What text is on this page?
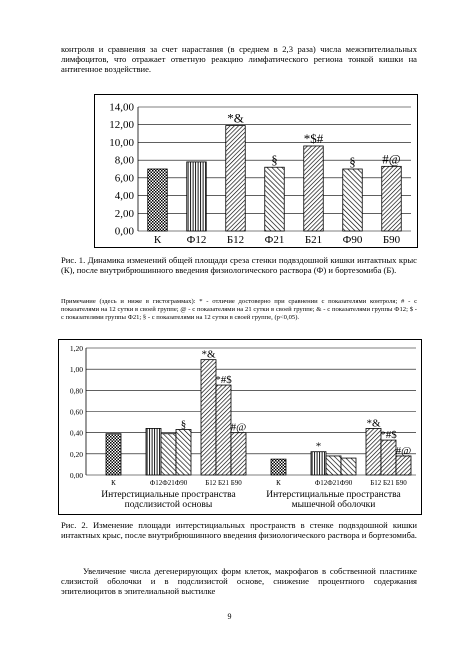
контроля и сравнения за счет нарастания (в среднем в 2,3 раза) числа межэпителиальных лимфоцитов, что отражает ответную реакцию лимфатического региона тонкой кишки на антигенное воздействие.

0,00
2,00
4,00
6,00
8,00
10,00
12,00
14,00
К Ф12 Б12
*&
Ф21
§
Б21
*$#
Ф90
§
Б90
#@

Рис. 1. Динамика изменений общей площади среза стенки подвздошной кишки интактных крыс (К), после внутрибрюшинного введения физиологического раствора (Ф) и бортезомиба (Б).

Примечание (здесь и ниже в гистограммах): * - отличие достоверно при сравнении с показателями контроля; # - с показателями на 12 сутки в своей группе; @ - с показателями на 21 сутки в своей группе; & - с показателями группы Ф12; $ - с показателями группы Ф21; § - с показателями на 12 сутки в своей группе, (р<0,05).

0,00
0,20
0,40
0,60
0,80
1,00
1,20
К
§
Ф12Ф21Ф90
*&
*#$
#@
Б12 Б21 Б90	К
*
Ф12Ф21Ф90
*&
*#$
#@
Б12 Б21 Б90
Интерстициальные пространства подслизистой основы
Интерстициальные пространства мышечной оболочки

Рис. 2. Изменение площади интерстициальных пространств в стенке подвздошной кишки интактных крыс, после внутрибрюшинного введения физиологического раствора и бортезомиба.

Увеличение числа дегенерирующих форм клеток, макрофагов в собственной пластинке слизистой оболочки и в подслизистой основе, снижение процентного содержания эпителиоцитов в эпителиальной выстилке

9
